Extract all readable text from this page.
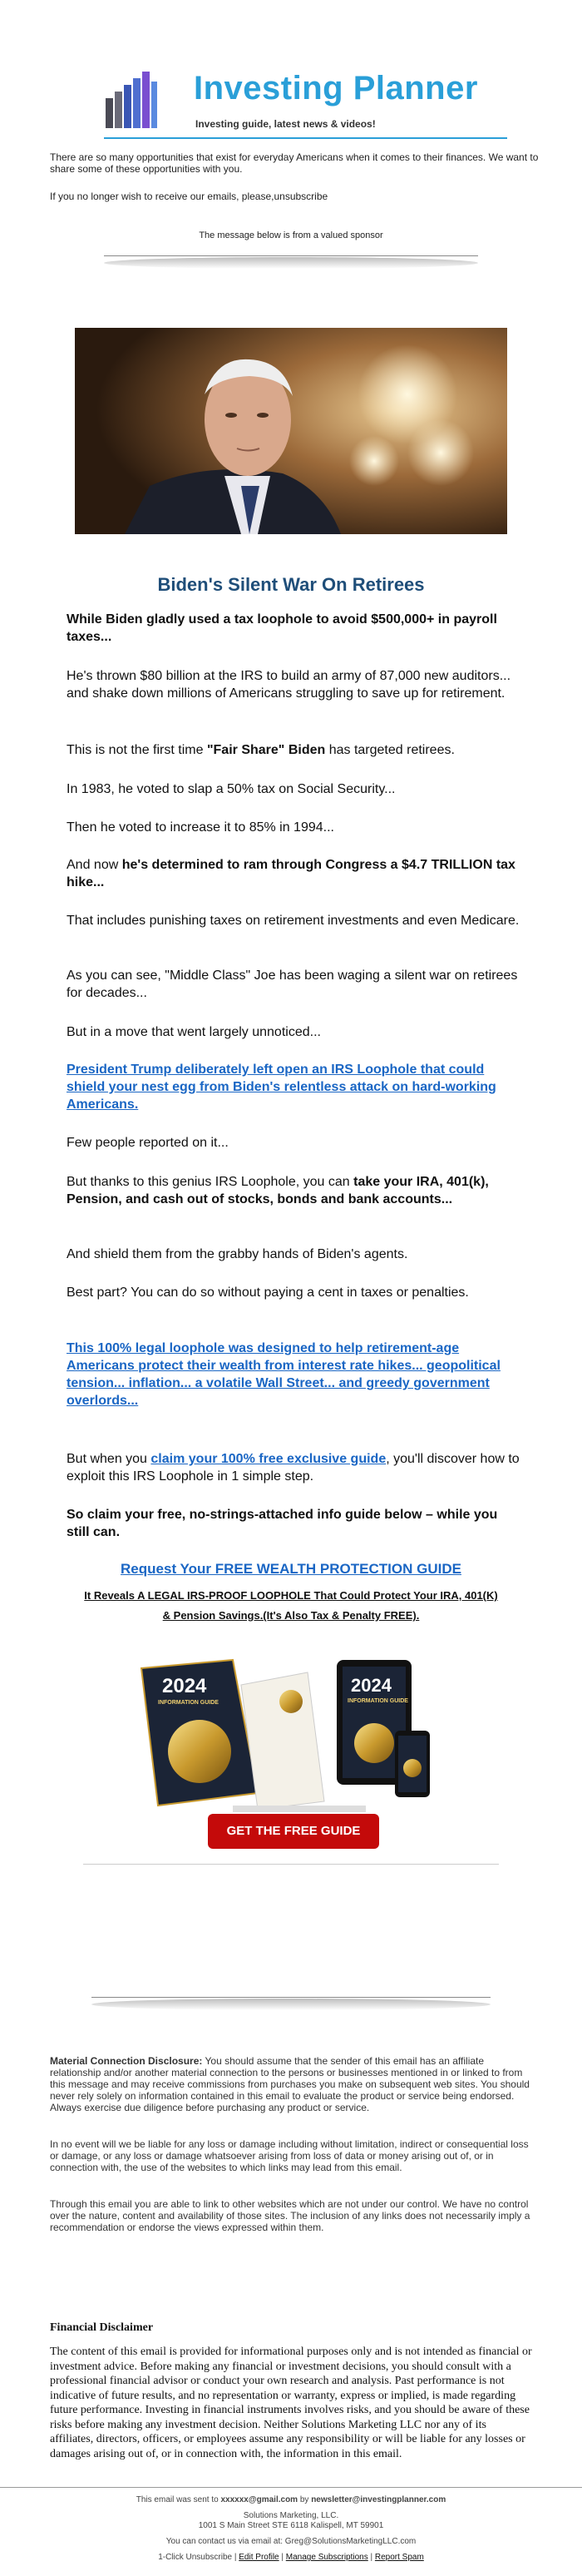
Investing Planner
Investing guide, latest news & videos!
There are so many opportunities that exist for everyday Americans when it comes to their finances. We want to share some of these opportunities with you.
If you no longer wish to receive our emails, please,unsubscribe
The message below is from a valued sponsor
Biden's Silent War On Retirees
While Biden gladly used a tax loophole to avoid $500,000+ in payroll taxes...
He's thrown $80 billion at the IRS to build an army of 87,000 new auditors... and shake down millions of Americans struggling to save up for retirement.
This is not the first time "Fair Share" Biden has targeted retirees.
In 1983, he voted to slap a 50% tax on Social Security...
Then he voted to increase it to 85% in 1994...
And now he's determined to ram through Congress a $4.7 TRILLION tax hike...
That includes punishing taxes on retirement investments and even Medicare.
As you can see, "Middle Class" Joe has been waging a silent war on retirees for decades...
But in a move that went largely unnoticed...
President Trump deliberately left open an IRS Loophole that could shield your nest egg from Biden's relentless attack on hard-working Americans.
Few people reported on it...
But thanks to this genius IRS Loophole, you can take your IRA, 401(k), Pension, and cash out of stocks, bonds and bank accounts...
And shield them from the grabby hands of Biden's agents.
Best part? You can do so without paying a cent in taxes or penalties.
This 100% legal loophole was designed to help retirement-age Americans protect their wealth from interest rate hikes... geopolitical tension... inflation... a volatile Wall Street... and greedy government overlords...
But when you claim your 100% free exclusive guide, you'll discover how to exploit this IRS Loophole in 1 simple step.
So claim your free, no-strings-attached info guide below – while you still can.
Request Your FREE WEALTH PROTECTION GUIDE
It Reveals A LEGAL IRS-PROOF LOOPHOLE That Could Protect Your IRA, 401(K) & Pension Savings.(It's Also Tax & Penalty FREE).
2024
INFORMATION GUIDE
2024
INFORMATION GUIDE
GET THE FREE GUIDE
Material Connection Disclosure: You should assume that the sender of this email has an affiliate relationship and/or another material connection to the persons or businesses mentioned in or linked to from this message and may receive commissions from purchases you make on subsequent web sites. You should never rely solely on information contained in this email to evaluate the product or service being endorsed. Always exercise due diligence before purchasing any product or service.
In no event will we be liable for any loss or damage including without limitation, indirect or consequential loss or damage, or any loss or damage whatsoever arising from loss of data or money arising out of, or in connection with, the use of the websites to which links may lead from this email.
Through this email you are able to link to other websites which are not under our control. We have no control over the nature, content and availability of those sites. The inclusion of any links does not necessarily imply a recommendation or endorse the views expressed within them.
Financial Disclaimer
The content of this email is provided for informational purposes only and is not intended as financial or investment advice. Before making any financial or investment decisions, you should consult with a professional financial advisor or conduct your own research and analysis. Past performance is not indicative of future results, and no representation or warranty, express or implied, is made regarding future performance. Investing in financial instruments involves risks, and you should be aware of these risks before making any investment decision. Neither Solutions Marketing LLC nor any of its affiliates, directors, officers, or employees assume any responsibility or will be liable for any losses or damages arising out of, or in connection with, the information in this email.
This email was sent to xxxxxx@gmail.com by newsletter@investingplanner.com
Solutions Marketing, LLC.
1001 S Main Street STE 6118 Kalispell, MT 59901
You can contact us via email at: Greg@SolutionsMarketingLLC.com
1-Click Unsubscribe | Edit Profile | Manage Subscriptions | Report Spam
